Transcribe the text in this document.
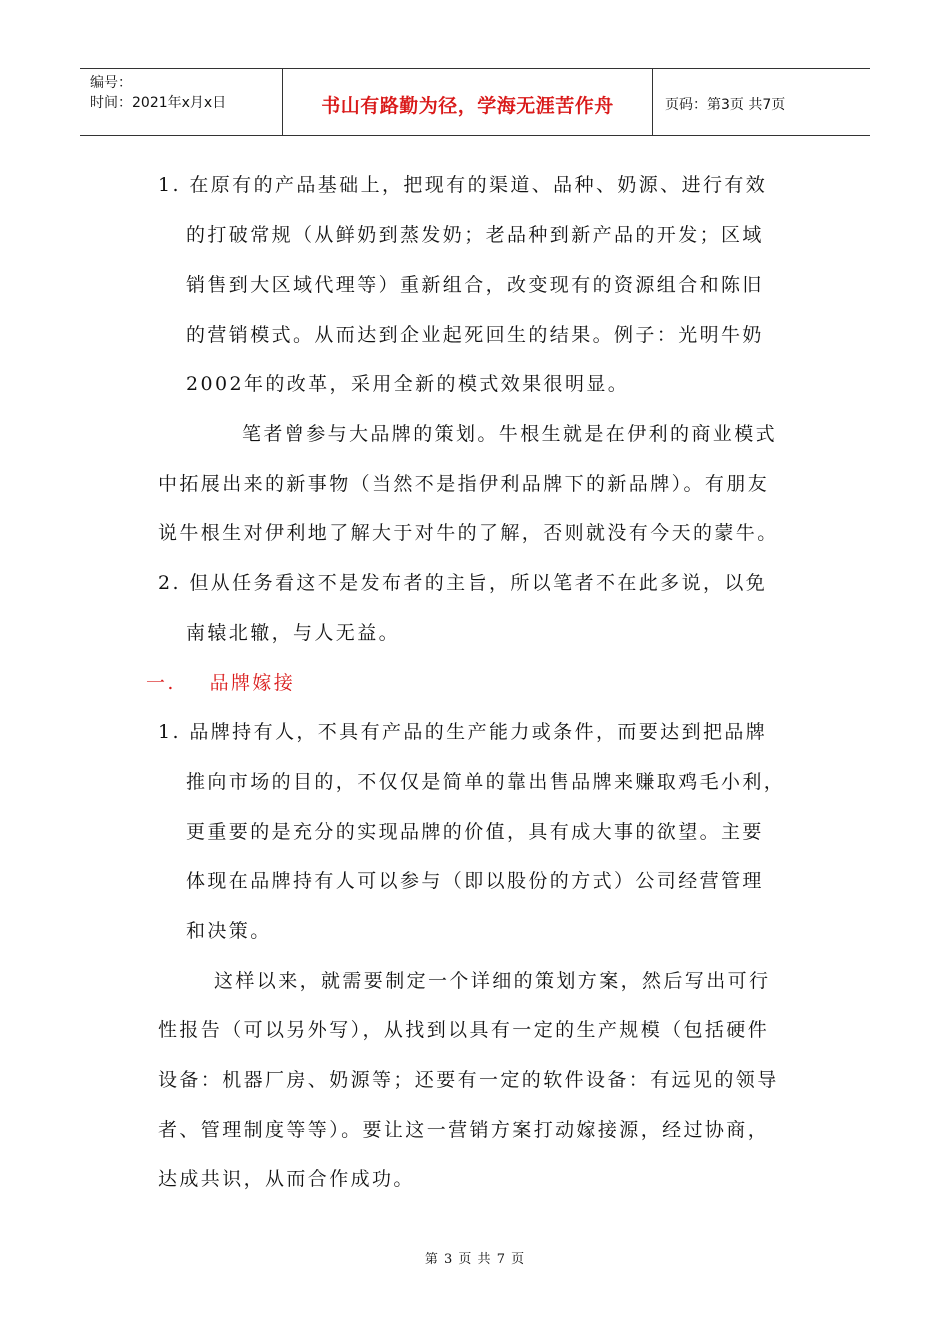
编号：
时间：2021年x月x日	书山有路勤为径，学海无涯苦作舟	页码：第3页 共7页
1. 在原有的产品基础上，把现有的渠道、品种、奶源、进行有效
的打破常规（从鲜奶到蒸发奶；老品种到新产品的开发；区域
销售到大区域代理等）重新组合，改变现有的资源组合和陈旧
的营销模式。从而达到企业起死回生的结果。例子：光明牛奶
2002年的改革，采用全新的模式效果很明显。
笔者曾参与大品牌的策划。牛根生就是在伊利的商业模式
中拓展出来的新事物（当然不是指伊利品牌下的新品牌）。有朋友
说牛根生对伊利地了解大于对牛的了解，否则就没有今天的蒙牛。
2. 但从任务看这不是发布者的主旨，所以笔者不在此多说，以免
南辕北辙，与人无益。
一.    品牌嫁接
1. 品牌持有人，不具有产品的生产能力或条件，而要达到把品牌
推向市场的目的，不仅仅是简单的靠出售品牌来赚取鸡毛小利，
更重要的是充分的实现品牌的价值，具有成大事的欲望。主要
体现在品牌持有人可以参与（即以股份的方式）公司经营管理
和决策。
这样以来，就需要制定一个详细的策划方案，然后写出可行
性报告（可以另外写），从找到以具有一定的生产规模（包括硬件
设备：机器厂房、奶源等；还要有一定的软件设备：有远见的领导
者、管理制度等等）。要让这一营销方案打动嫁接源，经过协商，
达成共识，从而合作成功。
第 3 页 共 7 页
